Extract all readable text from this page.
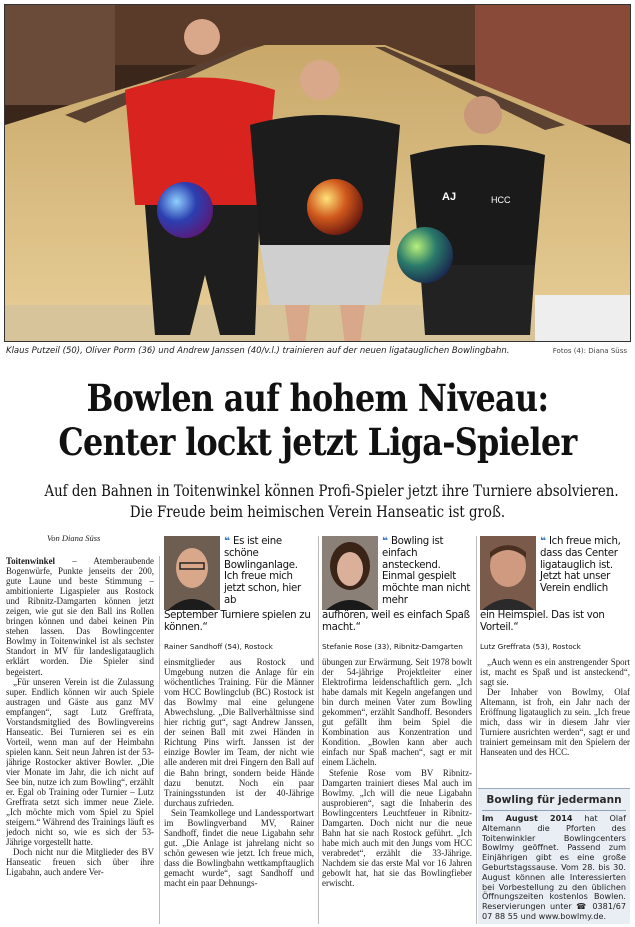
AJ	HCC
Klaus Putzeil (50), Oliver Porm (36) und Andrew Janssen (40/v.l.) trainieren auf der neuen ligatauglichen Bowlingbahn.	Fotos (4): Diana Süss
Bowlen auf hohem Niveau:
Center lockt jetzt Liga-Spieler
Auf den Bahnen in Toitenwinkel können Profi-Spieler jetzt ihre Turniere absolvieren.
Die Freude beim heimischen Verein Hanseatic ist groß.
Von Diana Süss

Toitenwinkel – Atemberaubende Bogenwürfe, Punkte jenseits der 200, gute Laune und beste Stimmung – ambitionierte Ligaspieler aus Rostock und Ribnitz-Damgarten können jetzt zeigen, wie gut sie den Ball ins Rollen bringen können und dabei keinen Pin stehen lassen. Das Bowlingcenter Bowlmy in Toitenwinkel ist als sechster Standort in MV für landesligatauglich erklärt worden. Die Spieler sind begeistert.

„Für unseren Verein ist die Zulassung super. Endlich können wir auch Spiele austragen und Gäste aus ganz MV empfangen“, sagt Lutz Greffrata, Vorstandsmitglied des Bowlingvereins Hanseatic. Bei Turnieren sei es ein Vorteil, wenn man auf der Heimbahn spielen kann. Seit neun Jahren ist der 53-jährige Rostocker aktiver Bowler. „Die vier Monate im Jahr, die ich nicht auf See bin, nutze ich zum Bowling“, erzählt er. Egal ob Training oder Turnier – Lutz Greffrata setzt sich immer neue Ziele. „Ich möchte mich vom Spiel zu Spiel steigern.“ Während des Trainings läuft es jedoch nicht so, wie es sich der 53-Jährige vorgestellt hatte.

Doch nicht nur die Mitglieder des BV Hanseatic freuen sich über ihre Ligabahn, auch andere Ver-

❝ Es ist eine schöne Bowlinganlage. Ich freue mich jetzt schon, hier ab
September Turniere spielen zu können.“
Rainer Sandhoff (54), Rostock
❝ Bowling ist einfach ansteckend. Einmal gespielt möchte man nicht mehr
aufhören, weil es einfach Spaß macht.“
Stefanie Rose (33), Ribnitz-Damgarten
❝ Ich freue mich, dass das Center ligatauglich ist. Jetzt hat unser Verein endlich
ein Heimspiel. Das ist von Vorteil.“
Lutz Greffrata (53), Rostock

einsmitglieder aus Rostock und Umgebung nutzen die Anlage für ein wöchentliches Training. Für die Männer vom HCC Bowlingclub (BC) Rostock ist das Bowlmy mal eine gelungene Abwechslung. „Die Ballverhältnisse sind hier richtig gut“, sagt Andrew Janssen, der seinen Ball mit zwei Händen in Richtung Pins wirft. Janssen ist der einzige Bowler im Team, der nicht wie alle anderen mit drei Fingern den Ball auf die Bahn bringt, sondern beide Hände dazu benutzt. Noch ein paar Trainingsstunden ist der 40-Jährige durchaus zufrieden.

Sein Teamkollege und Landessportwart im Bowlingverband MV, Rainer Sandhoff, findet die neue Ligabahn sehr gut. „Die Anlage ist jahrelang nicht so schön gewesen wie jetzt. Ich freue mich, dass die Bowlingbahn wettkampftauglich gemacht wurde“, sagt Sandhoff und macht ein paar Dehnungs-

übungen zur Erwärmung. Seit 1978 bowlt der 54-jährige Projektleiter einer Elektrofirma leidenschaftlich gern. „Ich habe damals mit Kegeln angefangen und bin durch meinen Vater zum Bowling gekommen“, erzählt Sandhoff. Besonders gut gefällt ihm beim Spiel die Kombination aus Konzentration und Kondition. „Bowlen kann aber auch einfach nur Spaß machen“, sagt er mit einem Lächeln.

Stefenie Rose vom BV Ribnitz-Damgarten trainiert dieses Mal auch im Bowlmy. „Ich will die neue Ligabahn ausprobieren“, sagt die Inhaberin des Bowlingcenters Leuchtfeuer in Ribnitz-Damgarten. Doch nicht nur die neue Bahn hat sie nach Rostock geführt. „Ich habe mich auch mit den Jungs vom HCC verabredet“, erzählt die 33-Jährige. Nachdem sie das erste Mal vor 16 Jahren gebowlt hat, hat sie das Bowlingfieber erwischt.

„Auch wenn es ein anstrengender Sport ist, macht es Spaß und ist ansteckend“, sagt sie.

Der Inhaber von Bowlmy, Olaf Altemann, ist froh, ein Jahr nach der Eröffnung ligatauglich zu sein. „Ich freue mich, dass wir in diesem Jahr vier Turniere ausrichten werden“, sagt er und trainiert gemeinsam mit den Spielern der Hanseaten und des HCC.

Bowling für jedermann
Im August 2014 hat Olaf Altemann die Pforten des Toitenwinkler Bowlingcenters Bowlmy geöffnet. Passend zum Einjährigen gibt es eine große Geburtstagssause. Vom 28. bis 30. August können alle Interessierten bei Vorbestellung zu den üblichen Öffnungszeiten kostenlos Bowlen. Reservierungen unter ☎ 0381/67 07 88 55 und www.bowlmy.de.
